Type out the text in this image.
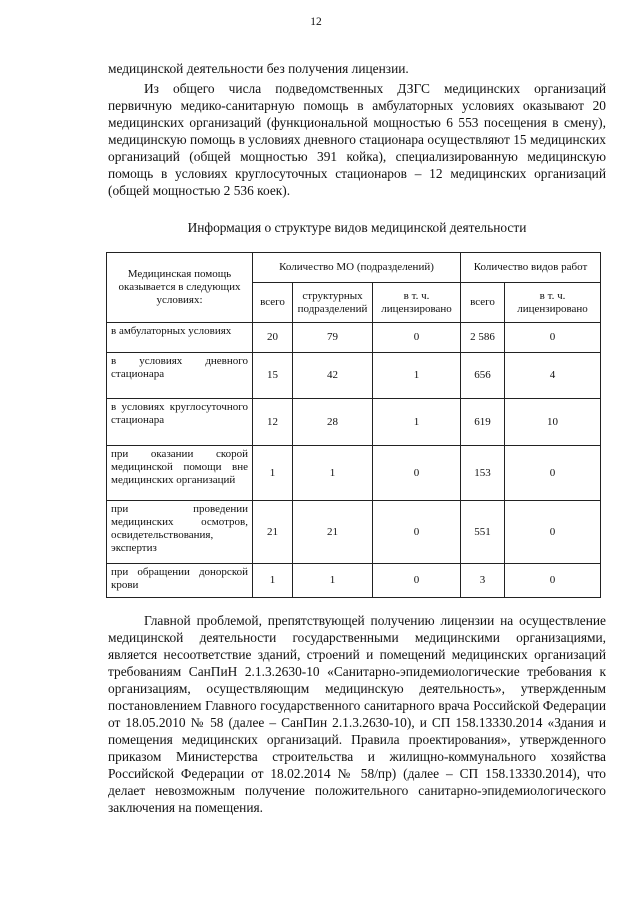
12

медицинской деятельности без получения лицензии.

Из общего числа подведомственных ДЗГС медицинских организаций первичную медико-санитарную помощь в амбулаторных условиях оказывают 20 медицинских организаций (функциональной мощностью 6 553 посещения в смену), медицинскую помощь в условиях дневного стационара осуществляют 15 медицинских организаций (общей мощностью 391 койка), специализированную медицинскую помощь в условиях круглосуточных стационаров – 12 медицинских организаций (общей мощностью 2 536 коек).

Информация о структуре видов медицинской деятельности
Медицинская помощь оказывается в следующих условиях:	Количество МО (подразделений)			Количество видов работ	
	всего	структурных подразделений	в т. ч. лицензировано	всего	в т. ч. лицензировано
в амбулаторных условиях	20	79	0	2 586	0
в условиях дневного стационара	15	42	1	656	4
в условиях круглосуточного стационара	12	28	1	619	10
при оказании скорой медицинской помощи вне медицинских организаций	1	1	0	153	0
при проведении медицинских осмотров, освидетельствования, экспертиз	21	21	0	551	0
при обращении донорской крови	1	1	0	3	0

Главной проблемой, препятствующей получению лицензии на осуществление медицинской деятельности государственными медицинскими организациями, является несоответствие зданий, строений и помещений медицинских организаций требованиям СанПиН 2.1.3.2630-10 «Санитарно-эпидемиологические требования к организациям, осуществляющим медицинскую деятельность», утвержденным постановлением Главного государственного санитарного врача Российской Федерации от 18.05.2010 № 58 (далее – СанПин 2.1.3.2630-10), и СП 158.13330.2014 «Здания и помещения медицинских организаций. Правила проектирования», утвержденного приказом Министерства строительства и жилищно-коммунального хозяйства Российской Федерации от 18.02.2014 № 58/пр) (далее – СП 158.13330.2014), что делает невозможным получение положительного санитарно-эпидемиологического заключения на помещения.
